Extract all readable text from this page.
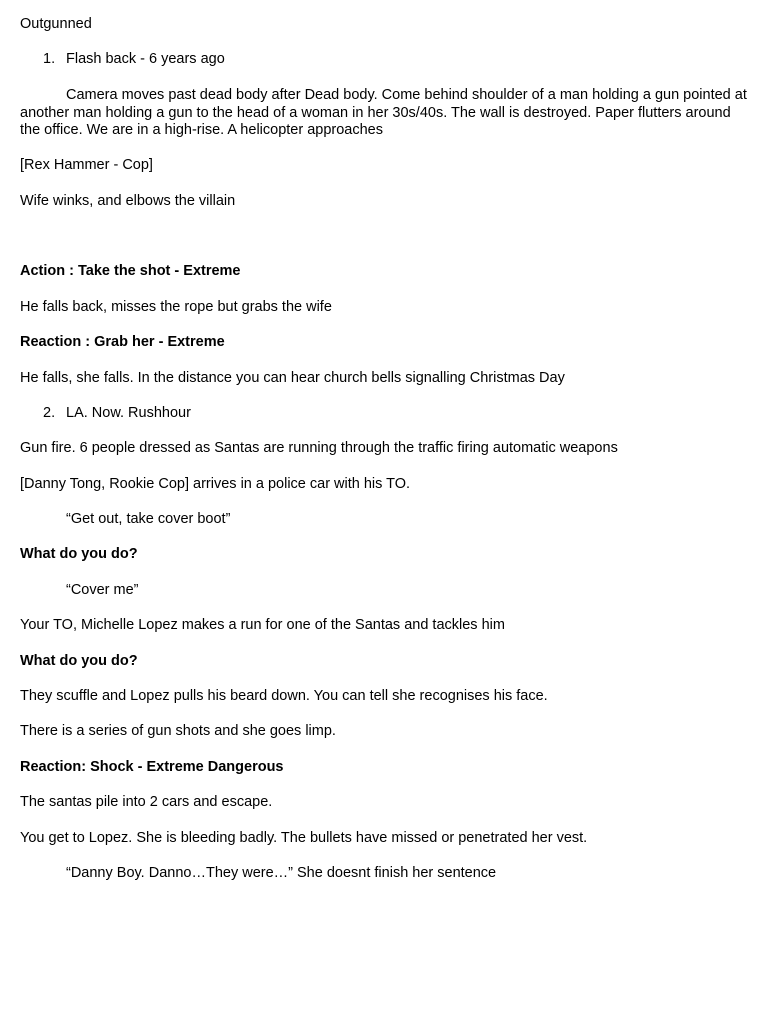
Outgunned

1. Flash back - 6 years ago

Camera moves past dead body after Dead body. Come behind shoulder of a man holding a gun pointed at another man holding a gun to the head of a woman in her 30s/40s. The wall is destroyed. Paper flutters around the office. We are in a high-rise. A helicopter approaches

[Rex Hammer - Cop]

Wife winks, and elbows the villain

Action : Take the shot - Extreme

He falls back, misses the rope but grabs the wife

Reaction : Grab her - Extreme

He falls, she falls. In the distance you can hear church bells signalling Christmas Day

2. LA. Now. Rushhour

Gun fire. 6 people dressed as Santas are running through the traffic firing automatic weapons

[Danny Tong, Rookie Cop] arrives in a police car with his TO.

“Get out, take cover boot”

What do you do?

“Cover me”

Your TO, Michelle Lopez makes a run for one of the Santas and tackles him

What do you do?

They scuffle and Lopez pulls his beard down. You can tell she recognises his face.

There is a series of gun shots and she goes limp.

Reaction: Shock - Extreme Dangerous

The santas pile into 2 cars and escape.

You get to Lopez. She is bleeding badly. The bullets have missed or penetrated her vest.

“Danny Boy. Danno…They were…” She doesnt finish her sentence
